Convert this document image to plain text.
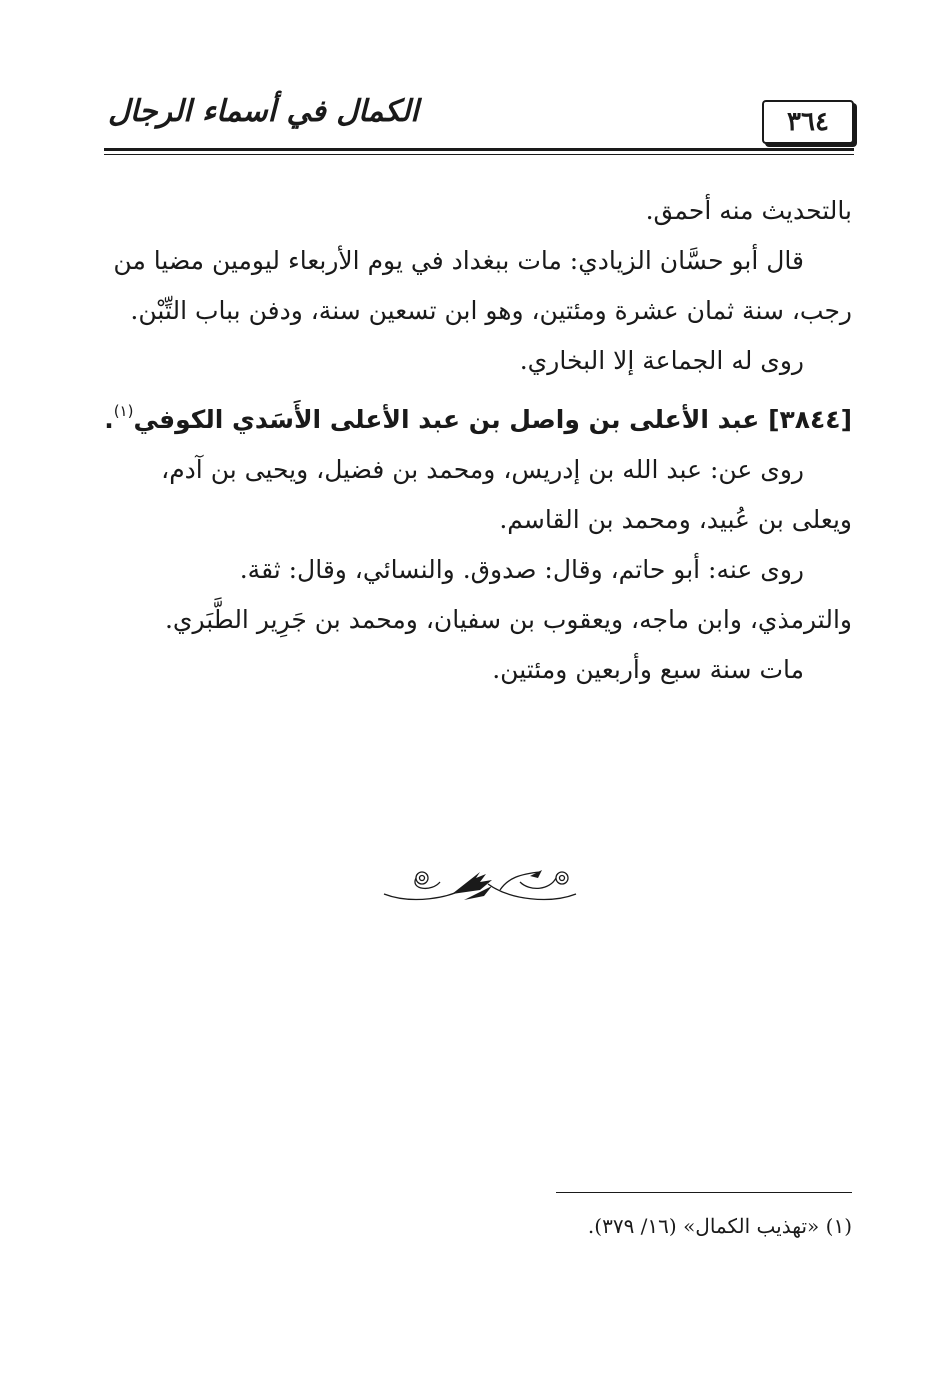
الكمال في أسماء الرجال	٣٦٤

بالتحديث منه أحمق.

قال أبو حسَّان الزيادي: مات ببغداد في يوم الأربعاء ليومين مضيا من

رجب، سنة ثمان عشرة ومئتين، وهو ابن تسعين سنة، ودفن بباب التِّبْن.

روى له الجماعة إلا البخاري.

[٣٨٤٤] عبد الأعلى بن واصل بن عبد الأعلى الأَسَدي الكوفي$^{(١)}$.

روى عن: عبد الله بن إدريس، ومحمد بن فضيل، ويحيى بن آدم،

ويعلى بن عُبيد، ومحمد بن القاسم.

روى عنه: أبو حاتم، وقال: صدوق. والنسائي، وقال: ثقة.

والترمذي، وابن ماجه، ويعقوب بن سفيان، ومحمد بن جَرِير الطَّبَري.

مات سنة سبع وأربعين ومئتين.

(١) «تهذيب الكمال» (١٦/ ٣٧٩).
